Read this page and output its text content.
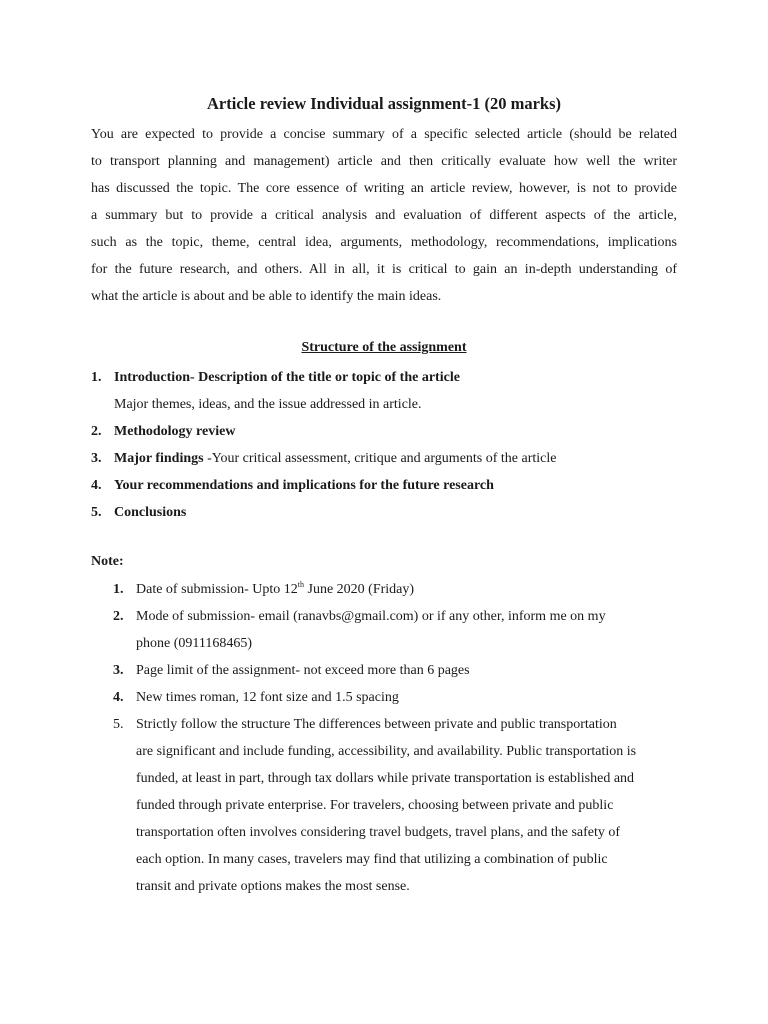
Article review Individual assignment-1 (20 marks)

You are expected to provide a concise summary of a specific selected article (should be related
to transport planning and management) article and then critically evaluate how well the writer
has discussed the topic. The core essence of writing an article review, however, is not to provide
a summary but to provide a critical analysis and evaluation of different aspects of the article,
such as the topic, theme, central idea, arguments, methodology, recommendations, implications
for the future research, and others. All in all, it is critical to gain an in-depth understanding of
what the article is about and be able to identify the main ideas.

Structure of the assignment
1. Introduction- Description of the title or topic of the article
Major themes, ideas, and the issue addressed in article.
2. Methodology review
3. Major findings -Your critical assessment, critique and arguments of the article
4. Your recommendations and implications for the future research
5. Conclusions
Note:
1. Date of submission- Upto 12th June 2020 (Friday)
2. Mode of submission- email (ranavbs@gmail.com) or if any other, inform me on my
phone (0911168465)
3. Page limit of the assignment- not exceed more than 6 pages
4. New times roman, 12 font size and 1.5 spacing
5. Strictly follow the structure The differences between private and public transportation
are significant and include funding, accessibility, and availability. Public transportation is
funded, at least in part, through tax dollars while private transportation is established and
funded through private enterprise. For travelers, choosing between private and public
transportation often involves considering travel budgets, travel plans, and the safety of
each option. In many cases, travelers may find that utilizing a combination of public
transit and private options makes the most sense.
